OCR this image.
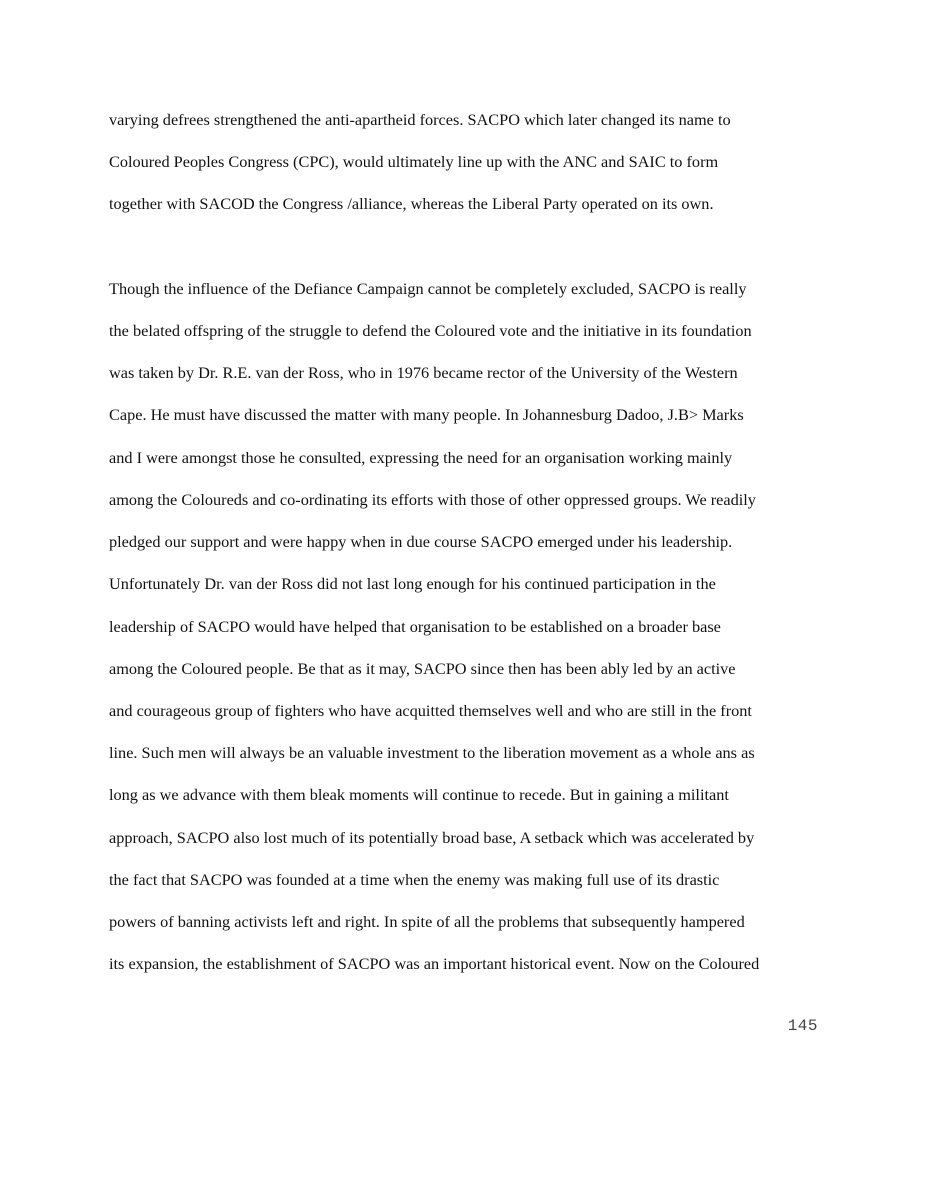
varying defrees strengthened the anti-apartheid forces. SACPO which later changed its name to

Coloured Peoples Congress (CPC), would ultimately line up with the ANC and SAIC to form

together with SACOD the Congress /alliance, whereas the Liberal Party operated on its own.

Though the influence of the Defiance Campaign cannot be completely excluded, SACPO is really

the belated offspring of the struggle to defend the Coloured vote and the initiative in its foundation

was taken by Dr. R.E. van der Ross, who in 1976 became rector of the University of the Western

Cape. He must have discussed the matter with many people. In Johannesburg Dadoo, J.B> Marks

and I were amongst those he consulted, expressing the need for an organisation working mainly

among the Coloureds and co-ordinating its efforts with those of other oppressed groups. We readily

pledged our support and were happy when in due course SACPO emerged under his leadership.

Unfortunately Dr. van der Ross did not last long enough for his continued participation in the

leadership of SACPO would have helped that organisation to be established on a broader base

among the Coloured people. Be that as it may, SACPO since then has been ably led by an active

and courageous group of fighters who have acquitted themselves well and who are still in the front

line. Such men will always be an valuable investment to the liberation movement as a whole ans as

long as we advance with them bleak moments will continue to recede. But in gaining a militant

approach, SACPO also lost much of its potentially broad base, A setback which was accelerated by

the fact that SACPO was founded at a time when the enemy was making full use of its drastic

powers of banning activists left and right. In spite of all the problems that subsequently hampered

its expansion, the establishment of SACPO was an important historical event. Now on the Coloured

145
